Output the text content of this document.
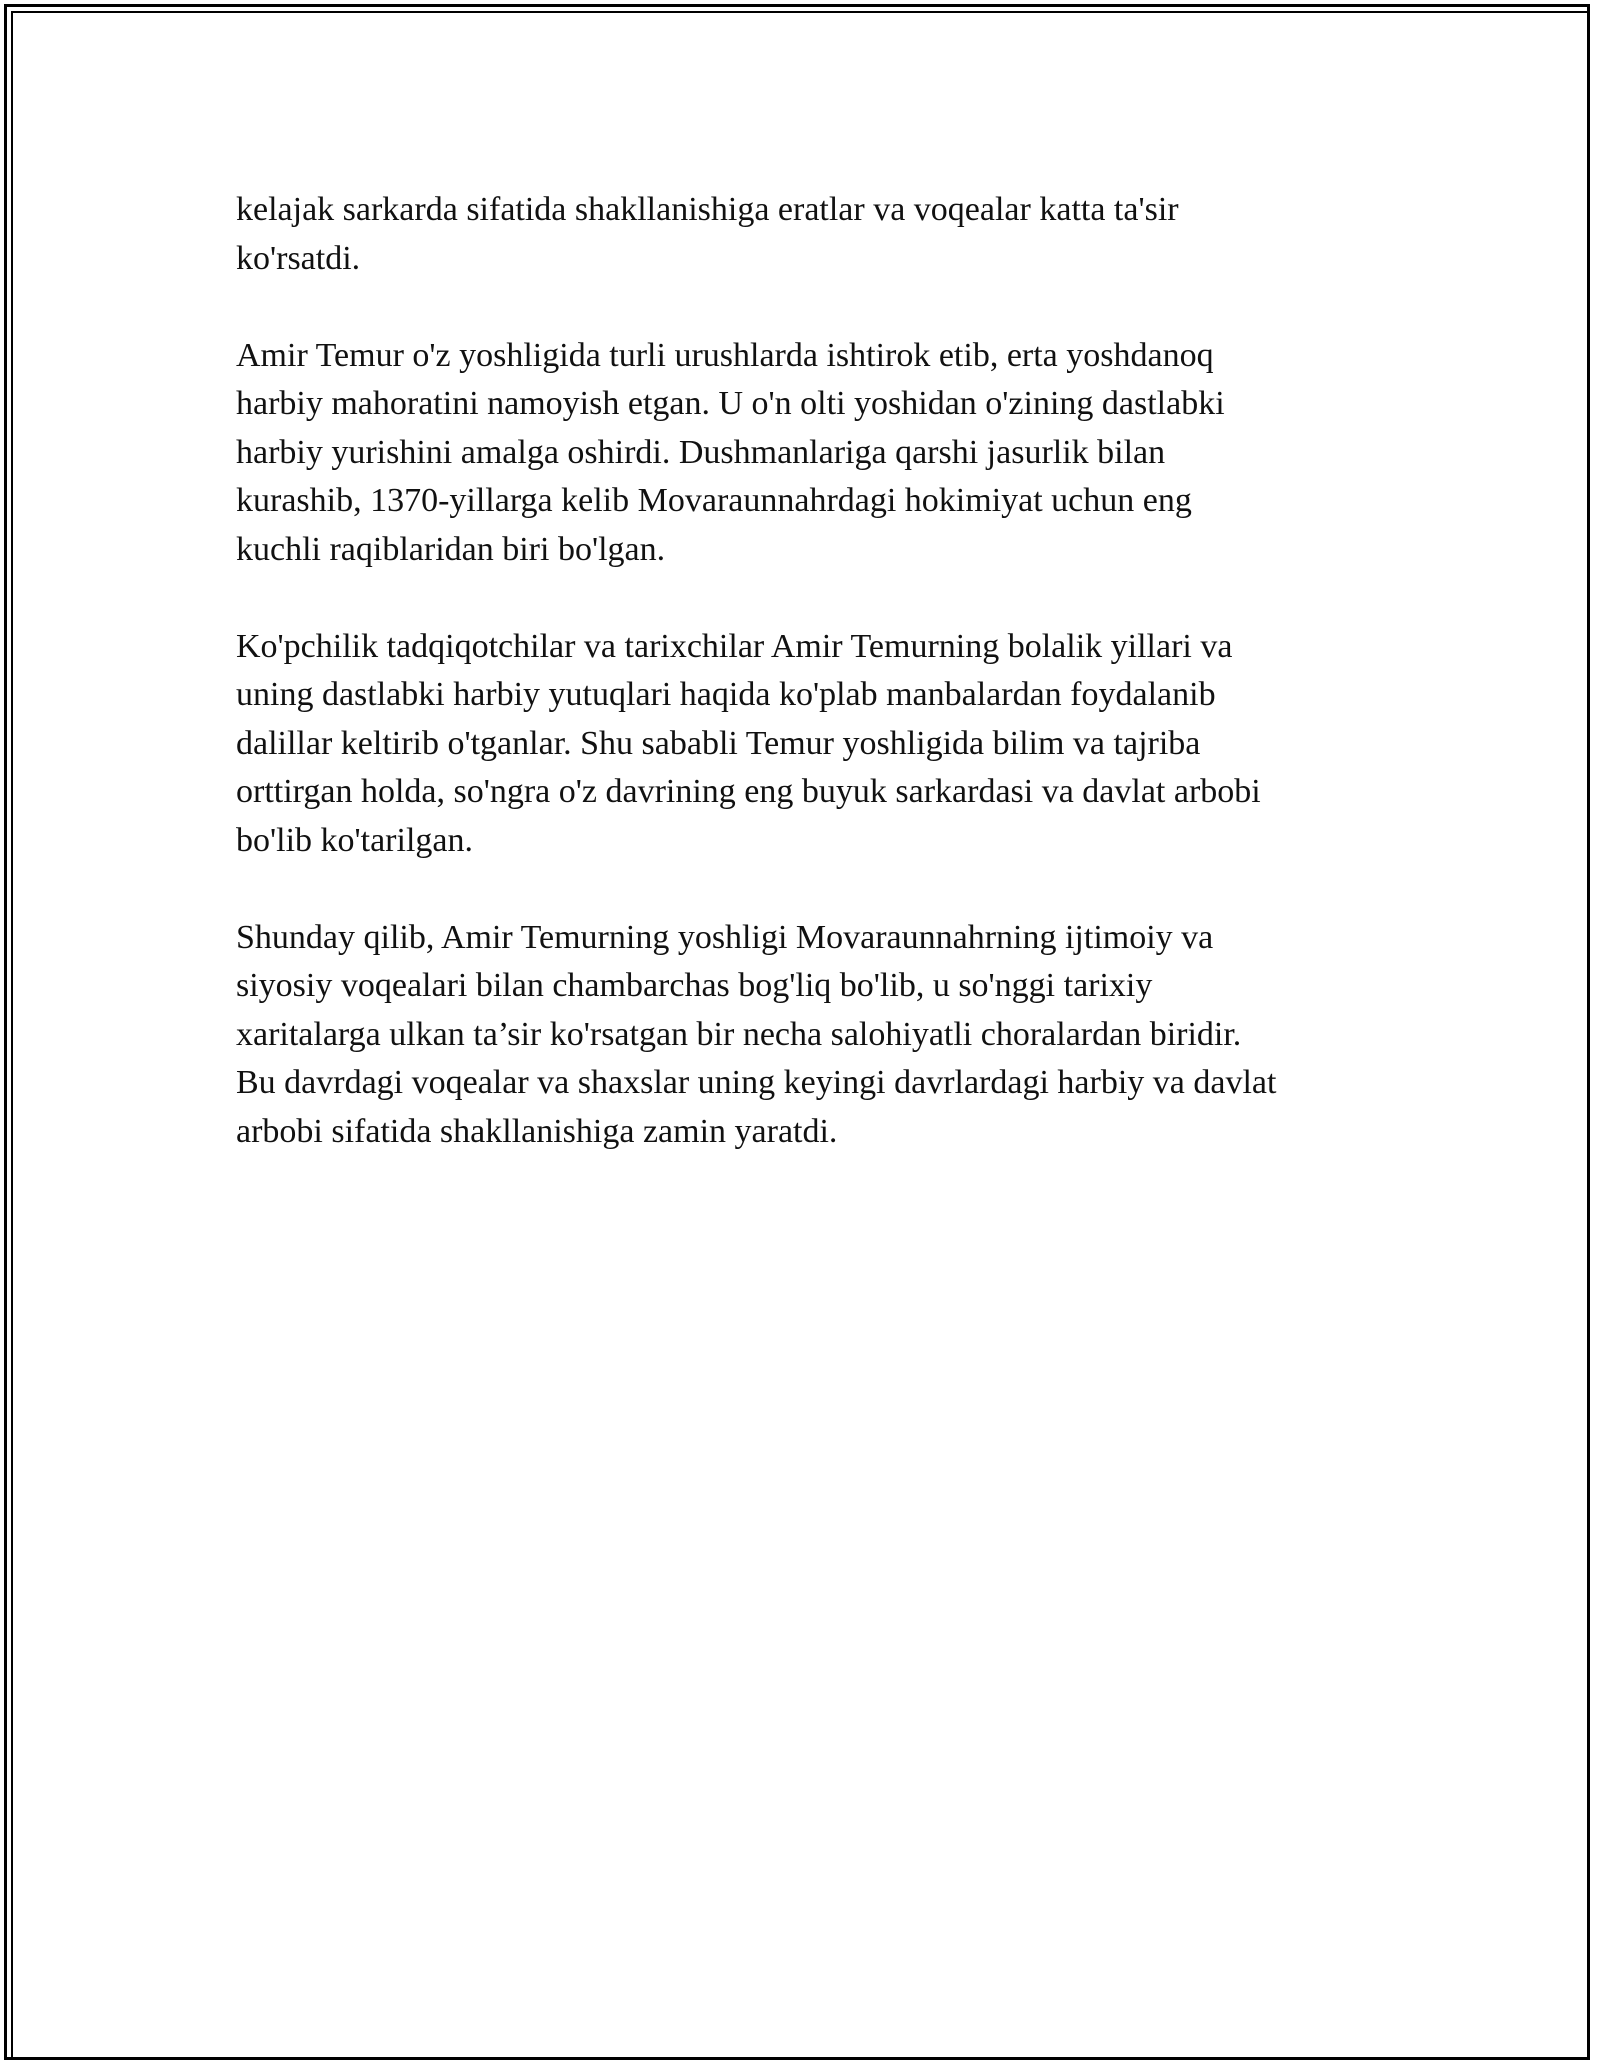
kelajak sarkarda sifatida shakllanishiga eratlar va voqealar katta ta'sir
ko'rsatdi.

Amir Temur o'z yoshligida turli urushlarda ishtirok etib, erta yoshdanoq
harbiy mahoratini namoyish etgan. U o'n olti yoshidan o'zining dastlabki
harbiy yurishini amalga oshirdi. Dushmanlariga qarshi jasurlik bilan
kurashib, 1370-yillarga kelib Movaraunnahrdagi hokimiyat uchun eng
kuchli raqiblaridan biri bo'lgan.

Ko'pchilik tadqiqotchilar va tarixchilar Amir Temurning bolalik yillari va
uning dastlabki harbiy yutuqlari haqida ko'plab manbalardan foydalanib
dalillar keltirib o'tganlar. Shu sababli Temur yoshligida bilim va tajriba
orttirgan holda, so'ngra o'z davrining eng buyuk sarkardasi va davlat arbobi
bo'lib ko'tarilgan.

Shunday qilib, Amir Temurning yoshligi Movaraunnahrning ijtimoiy va
siyosiy voqealari bilan chambarchas bog'liq bo'lib, u so'nggi tarixiy
xaritalarga ulkan ta’sir ko'rsatgan bir necha salohiyatli choralardan biridir.
Bu davrdagi voqealar va shaxslar uning keyingi davrlardagi harbiy va davlat
arbobi sifatida shakllanishiga zamin yaratdi.
